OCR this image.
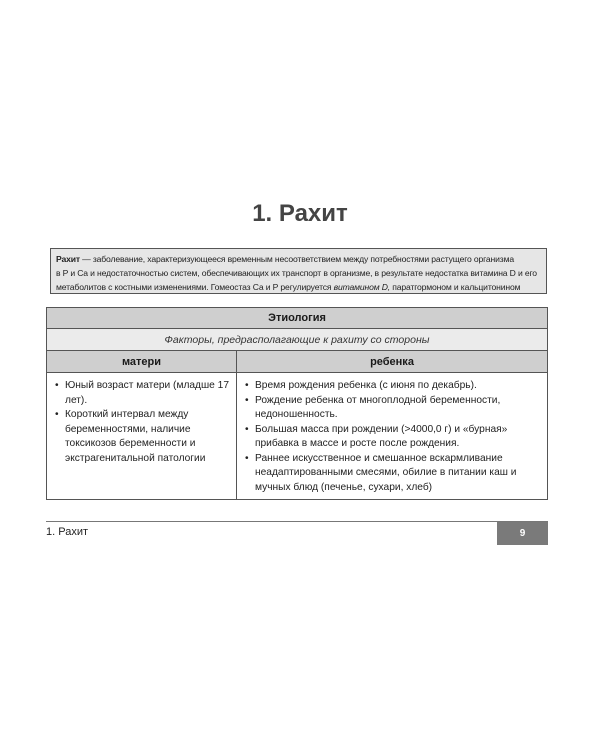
1. Рахит
Рахит — заболевание, характеризующееся временным несоответствием между потребностями растущего организма
в P и Ca и недостаточностью систем, обеспечивающих их транспорт в организме, в результате недостатка витамина D и его
метаболитов с костными изменениями. Гомеостаз Са и Р регулируется витамином D, паратгормоном и кальцитонином
Этиология
Факторы, предрасполагающие к рахиту со стороны
матери	ребенка
• Юный возраст матери (младше 17 лет).
• Короткий интервал между беременностями, наличие токсикозов беременности и экстрагенитальной патологии
• Время рождения ребенка (с июня по декабрь).
• Рождение ребенка от многоплодной беременности, недоношенность.
• Большая масса при рождении (>4000,0 г) и «бурная» прибавка в массе и росте после рождения.
• Раннее искусственное и смешанное вскармливание неадаптированными смесями, обилие в питании каш и мучных блюд (печенье, сухари, хлеб)
1. Рахит	9
